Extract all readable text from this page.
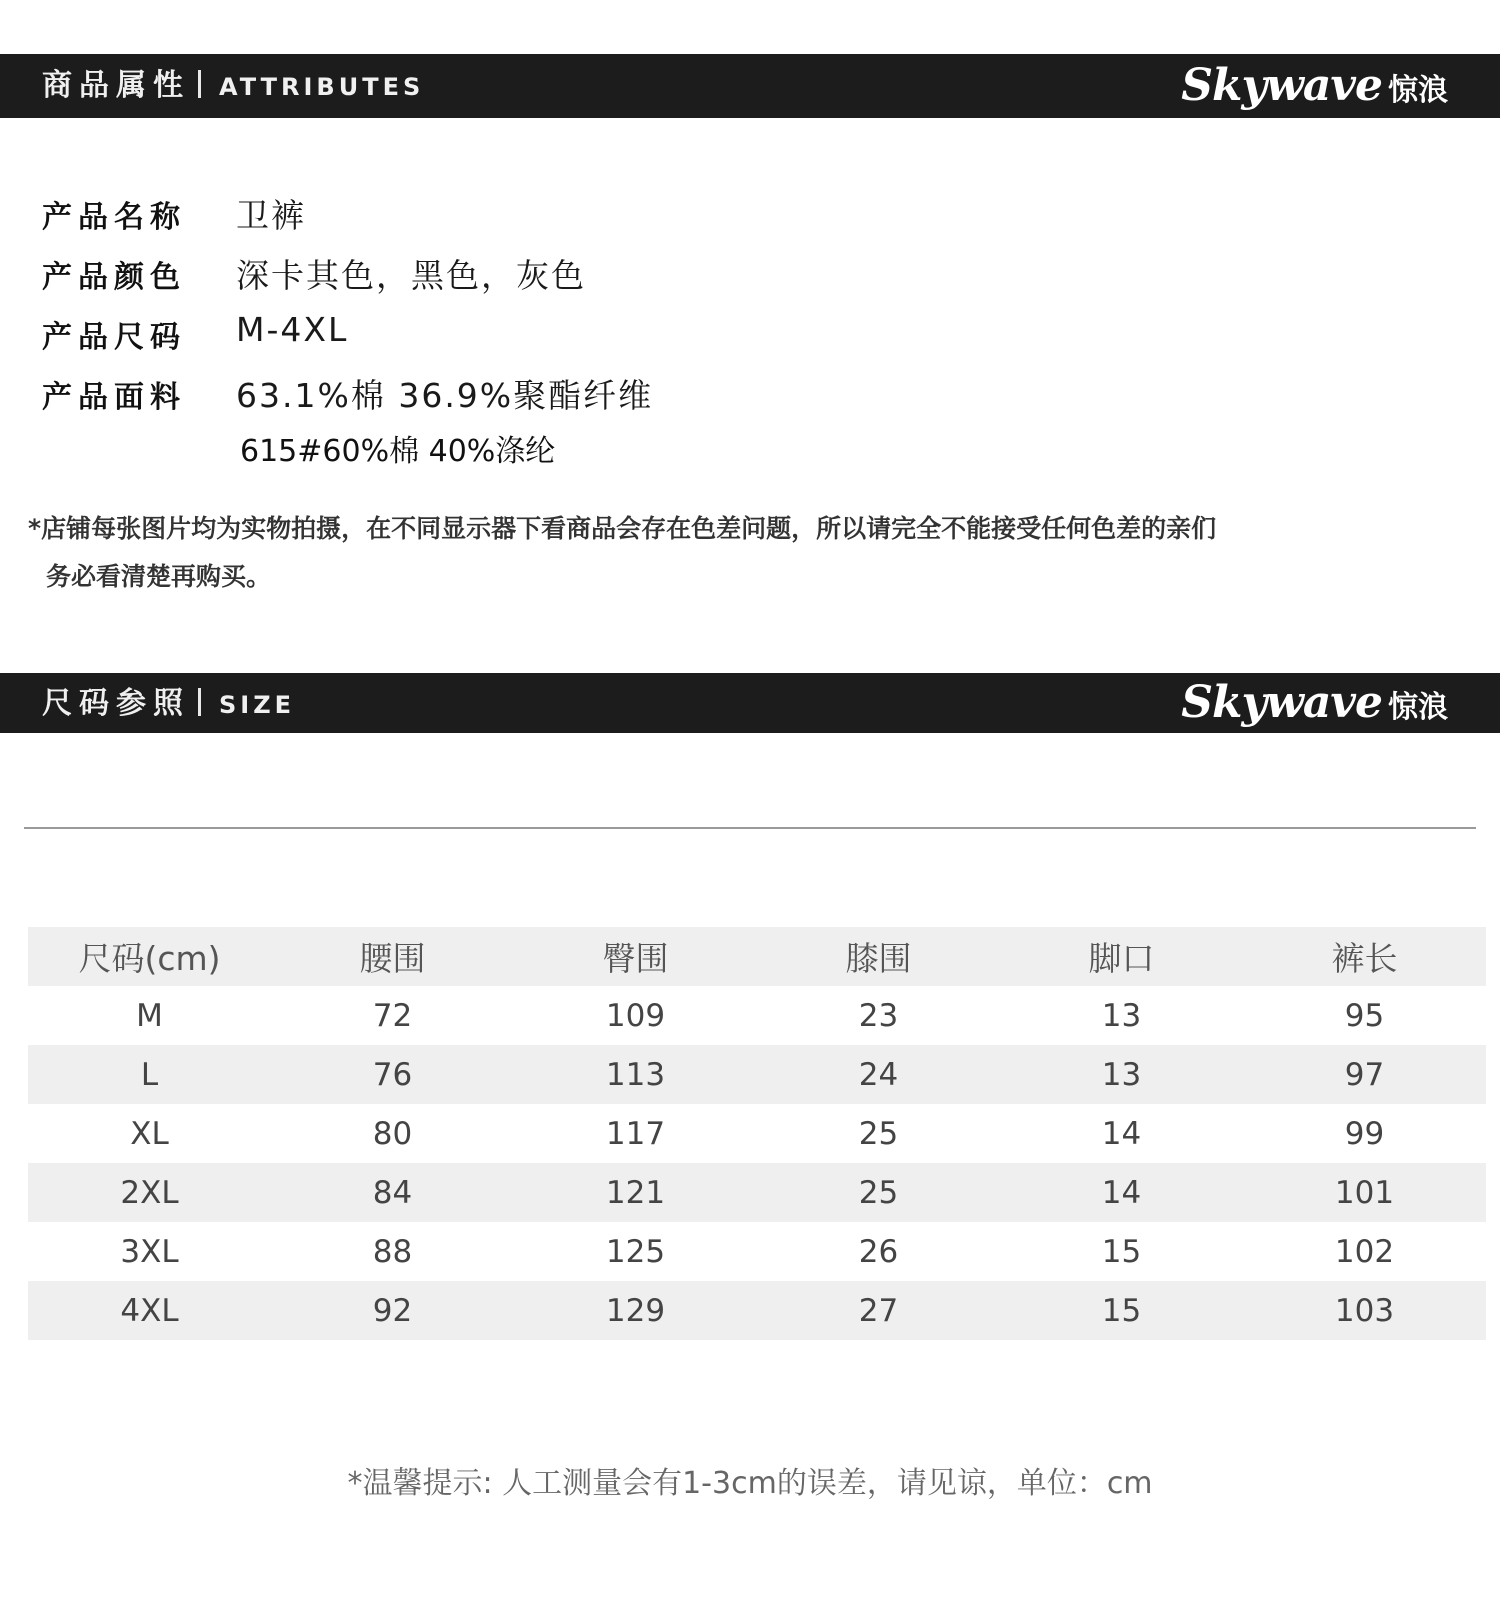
商品属性 ATTRIBUTES	Skywave 惊浪
产品名称	卫裤
产品颜色	深卡其色，黑色，灰色
产品尺码	M-4XL
产品面料	63.1%棉 36.9%聚酯纤维
615#60%棉 40%涤纶
*店铺每张图片均为实物拍摄，在不同显示器下看商品会存在色差问题，所以请完全不能接受任何色差的亲们
务必看清楚再购买。
尺码参照 SIZE	Skywave 惊浪
尺码(cm)	腰围	臀围	膝围	脚口	裤长
M	72	109	23	13	95
L	76	113	24	13	97
XL	80	117	25	14	99
2XL	84	121	25	14	101
3XL	88	125	26	15	102
4XL	92	129	27	15	103
*温馨提示: 人工测量会有1-3cm的误差，请见谅，单位：cm
